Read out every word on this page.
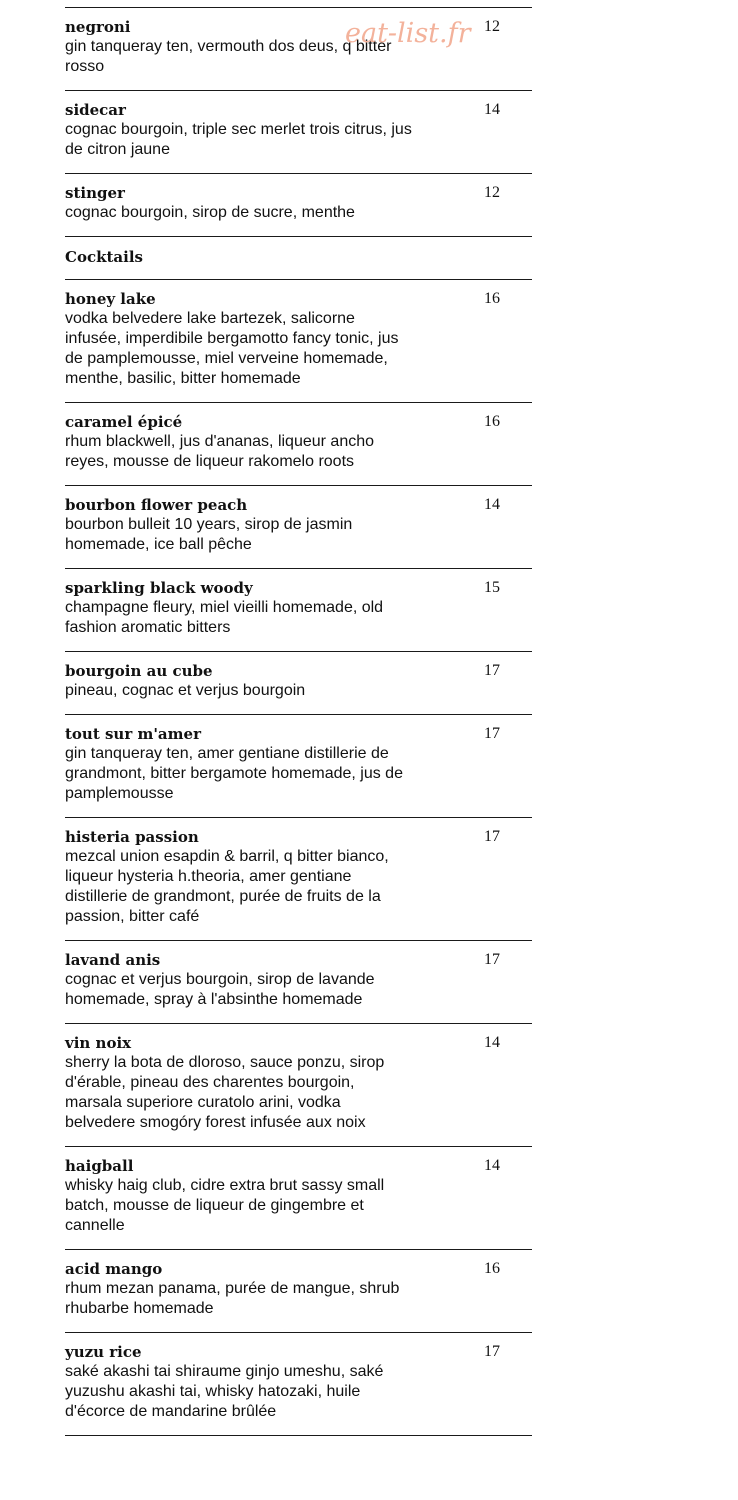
negroni
gin tanqueray ten, vermouth dos deus, q bitter
rosso
12
sidecar
cognac bourgoin, triple sec merlet trois citrus, jus
de citron jaune
14
stinger
cognac bourgoin, sirop de sucre, menthe
12
Cocktails
honey lake
vodka belvedere lake bartezek, salicorne
infusée, imperdibile bergamotto fancy tonic, jus
de pamplemousse, miel verveine homemade,
menthe, basilic, bitter homemade
16
caramel épicé
rhum blackwell, jus d'ananas, liqueur ancho
reyes, mousse de liqueur rakomelo roots
16
bourbon flower peach
bourbon bulleit 10 years, sirop de jasmin
homemade, ice ball pêche
14
sparkling black woody
champagne fleury, miel vieilli homemade, old
fashion aromatic bitters
15
bourgoin au cube
pineau, cognac et verjus bourgoin
17
tout sur m'amer
gin tanqueray ten, amer gentiane distillerie de
grandmont, bitter bergamote homemade, jus de
pamplemousse
17
histeria passion
mezcal union esapdin & barril, q bitter bianco,
liqueur hysteria h.theoria, amer gentiane
distillerie de grandmont, purée de fruits de la
passion, bitter café
17
lavand anis
cognac et verjus bourgoin, sirop de lavande
homemade, spray à l'absinthe homemade
17
vin noix
sherry la bota de dloroso, sauce ponzu, sirop
d'érable, pineau des charentes bourgoin,
marsala superiore curatolo arini, vodka
belvedere smogóry forest infusée aux noix
14
haigball
whisky haig club, cidre extra brut sassy small
batch, mousse de liqueur de gingembre et
cannelle
14
acid mango
rhum mezan panama, purée de mangue, shrub
rhubarbe homemade
16
yuzu rice
saké akashi tai shiraume ginjo umeshu, saké
yuzushu akashi tai, whisky hatozaki, huile
d'écorce de mandarine brûlée
17
eat-list.fr
